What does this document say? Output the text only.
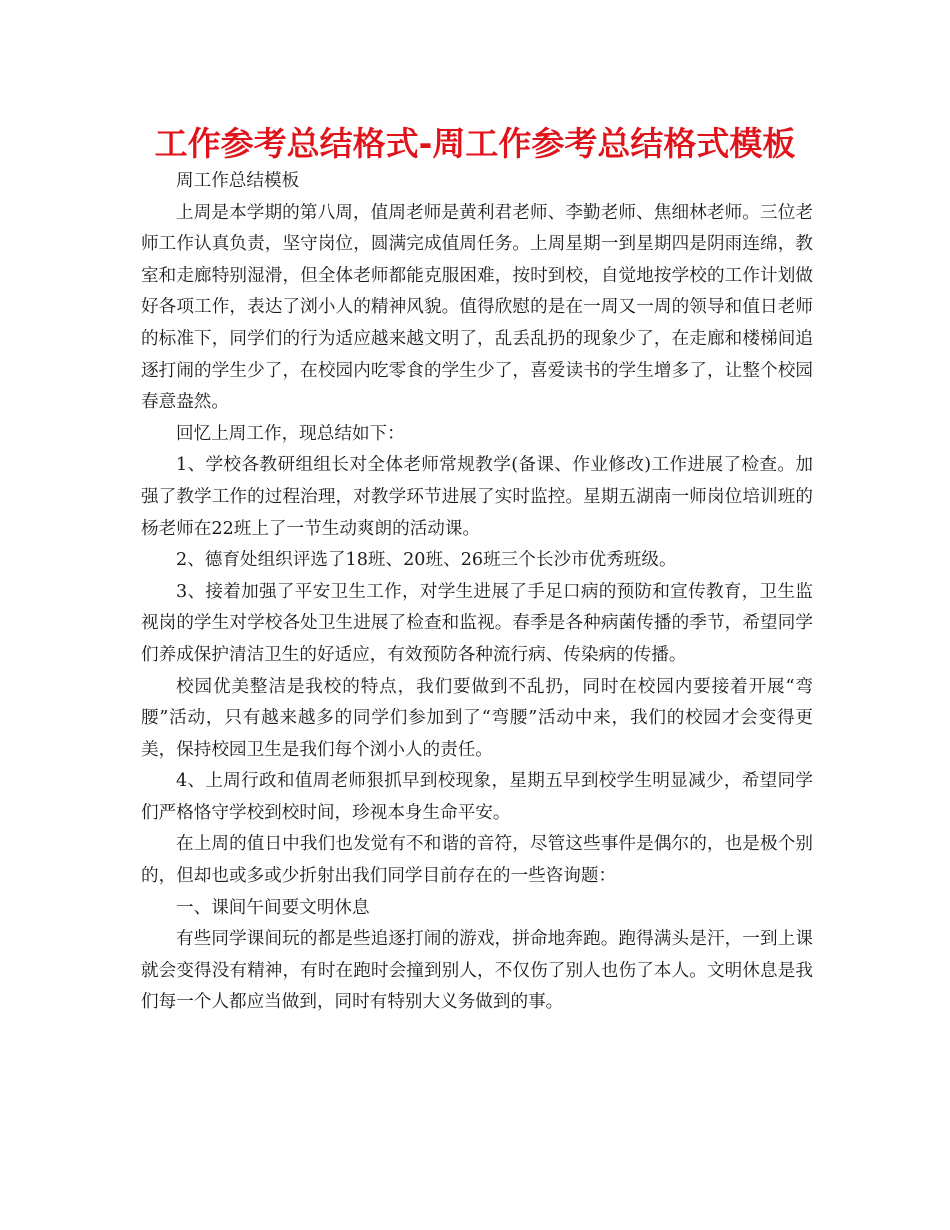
工作参考总结格式-周工作参考总结格式模板

周工作总结模板

上周是本学期的第八周，值周老师是黄利君老师、李勤老师、焦细林老师。三位老师工作认真负责，坚守岗位，圆满完成值周任务。上周星期一到星期四是阴雨连绵，教室和走廊特别湿滑，但全体老师都能克服困难，按时到校，自觉地按学校的工作计划做好各项工作，表达了浏小人的精神风貌。值得欣慰的是在一周又一周的领导和值日老师的标准下，同学们的行为适应越来越文明了，乱丢乱扔的现象少了，在走廊和楼梯间追逐打闹的学生少了，在校园内吃零食的学生少了，喜爱读书的学生增多了，让整个校园春意盎然。

回忆上周工作，现总结如下：

1、学校各教研组组长对全体老师常规教学(备课、作业修改)工作进展了检查。加强了教学工作的过程治理，对教学环节进展了实时监控。星期五湖南一师岗位培训班的杨老师在22班上了一节生动爽朗的活动课。

2、德育处组织评选了18班、20班、26班三个长沙市优秀班级。

3、接着加强了平安卫生工作，对学生进展了手足口病的预防和宣传教育，卫生监视岗的学生对学校各处卫生进展了检查和监视。春季是各种病菌传播的季节，希望同学们养成保护清洁卫生的好适应，有效预防各种流行病、传染病的传播。

校园优美整洁是我校的特点，我们要做到不乱扔，同时在校园内要接着开展“弯腰”活动，只有越来越多的同学们参加到了“弯腰”活动中来，我们的校园才会变得更美，保持校园卫生是我们每个浏小人的责任。

4、上周行政和值周老师狠抓早到校现象，星期五早到校学生明显减少，希望同学们严格恪守学校到校时间，珍视本身生命平安。

在上周的值日中我们也发觉有不和谐的音符，尽管这些事件是偶尔的，也是极个别的，但却也或多或少折射出我们同学目前存在的一些咨询题：

一、课间午间要文明休息

有些同学课间玩的都是些追逐打闹的游戏，拼命地奔跑。跑得满头是汗，一到上课就会变得没有精神，有时在跑时会撞到别人，不仅伤了别人也伤了本人。文明休息是我们每一个人都应当做到，同时有特别大义务做到的事。
